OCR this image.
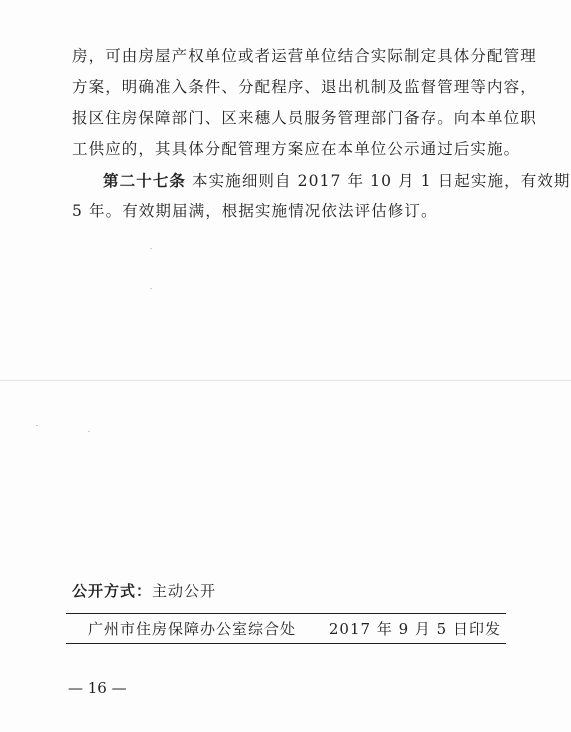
房，可由房屋产权单位或者运营单位结合实际制定具体分配管理
方案，明确准入条件、分配程序、退出机制及监督管理等内容，
报区住房保障部门、区来穗人员服务管理部门备存。向本单位职
工供应的，其具体分配管理方案应在本单位公示通过后实施。
第二十七条 本实施细则自 2017 年 10 月 1 日起实施，有效期
5 年。有效期届满，根据实施情况依法评估修订。
公开方式：主动公开
广州市住房保障办公室综合处 2017 年 9 月 5 日印发
— 16 —
